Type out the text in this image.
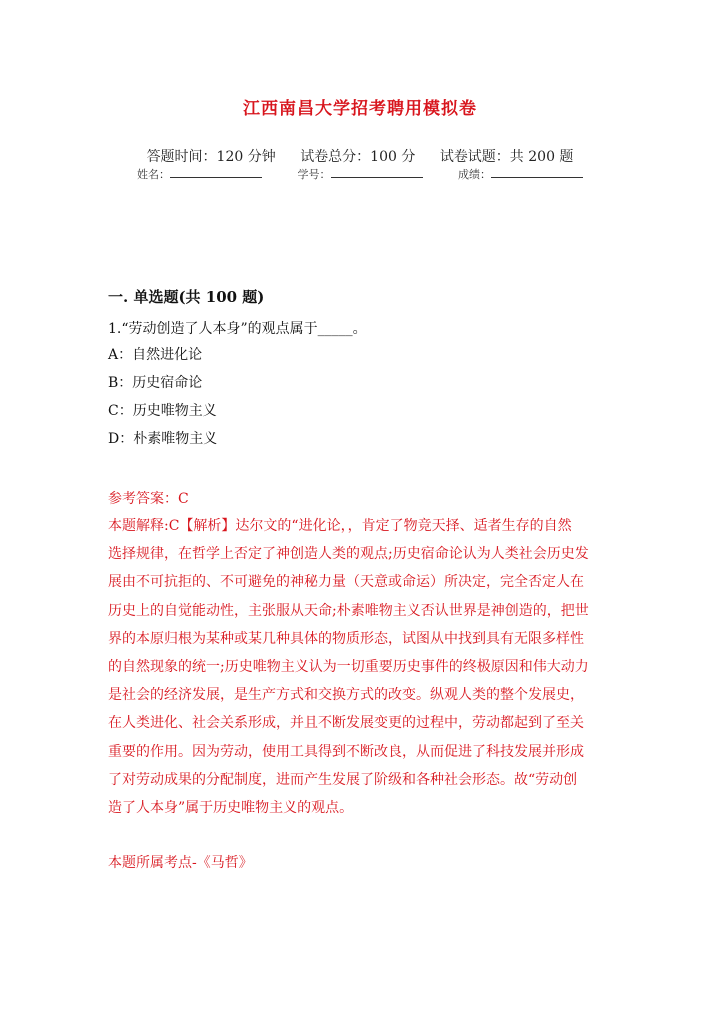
江西南昌大学招考聘用模拟卷
答题时间：120 分钟 试卷总分：100 分 试卷试题：共 200 题
姓名：	学号：	成绩：
一. 单选题(共 100 题)
1.“劳动创造了人本身”的观点属于_____。
A：自然进化论
B：历史宿命论
C：历史唯物主义
D：朴素唯物主义
参考答案：C
本题解释:C【解析】达尔文的“进化论，，肯定了物竞天择、适者生存的自然
选择规律，在哲学上否定了神创造人类的观点;历史宿命论认为人类社会历史发
展由不可抗拒的、不可避免的神秘力量（天意或命运）所决定，完全否定人在
历史上的自觉能动性，主张服从天命;朴素唯物主义否认世界是神创造的，把世
界的本原归根为某种或某几种具体的物质形态，试图从中找到具有无限多样性
的自然现象的统一;历史唯物主义认为一切重要历史事件的终极原因和伟大动力
是社会的经济发展，是生产方式和交换方式的改变。纵观人类的整个发展史，
在人类进化、社会关系形成，并且不断发展变更的过程中，劳动都起到了至关
重要的作用。因为劳动，使用工具得到不断改良，从而促进了科技发展并形成
了对劳动成果的分配制度，进而产生发展了阶级和各种社会形态。故“劳动创
造了人本身”属于历史唯物主义的观点。
本题所属考点-《马哲》
